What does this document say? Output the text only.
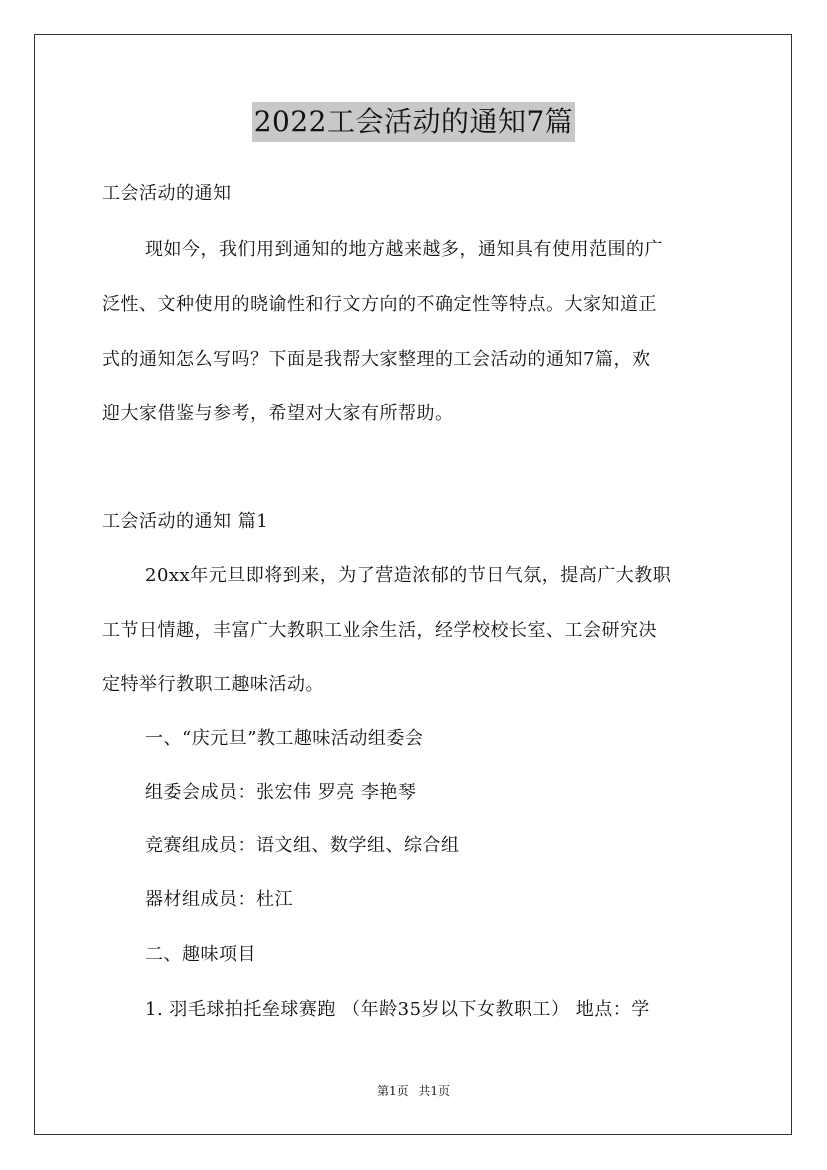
2022工会活动的通知7篇
工会活动的通知
现如今，我们用到通知的地方越来越多，通知具有使用范围的广
泛性、文种使用的晓谕性和行文方向的不确定性等特点。大家知道正
式的通知怎么写吗？下面是我帮大家整理的工会活动的通知7篇，欢
迎大家借鉴与参考，希望对大家有所帮助。
工会活动的通知 篇1
20xx年元旦即将到来，为了营造浓郁的节日气氛，提高广大教职
工节日情趣，丰富广大教职工业余生活，经学校校长室、工会研究决
定特举行教职工趣味活动。
一、“庆元旦”教工趣味活动组委会
组委会成员：张宏伟 罗亮 李艳琴
竞赛组成员：语文组、数学组、综合组
器材组成员：杜江
二、趣味项目
1. 羽毛球拍托垒球赛跑 （年龄35岁以下女教职工） 地点：学
第1页 共1页
